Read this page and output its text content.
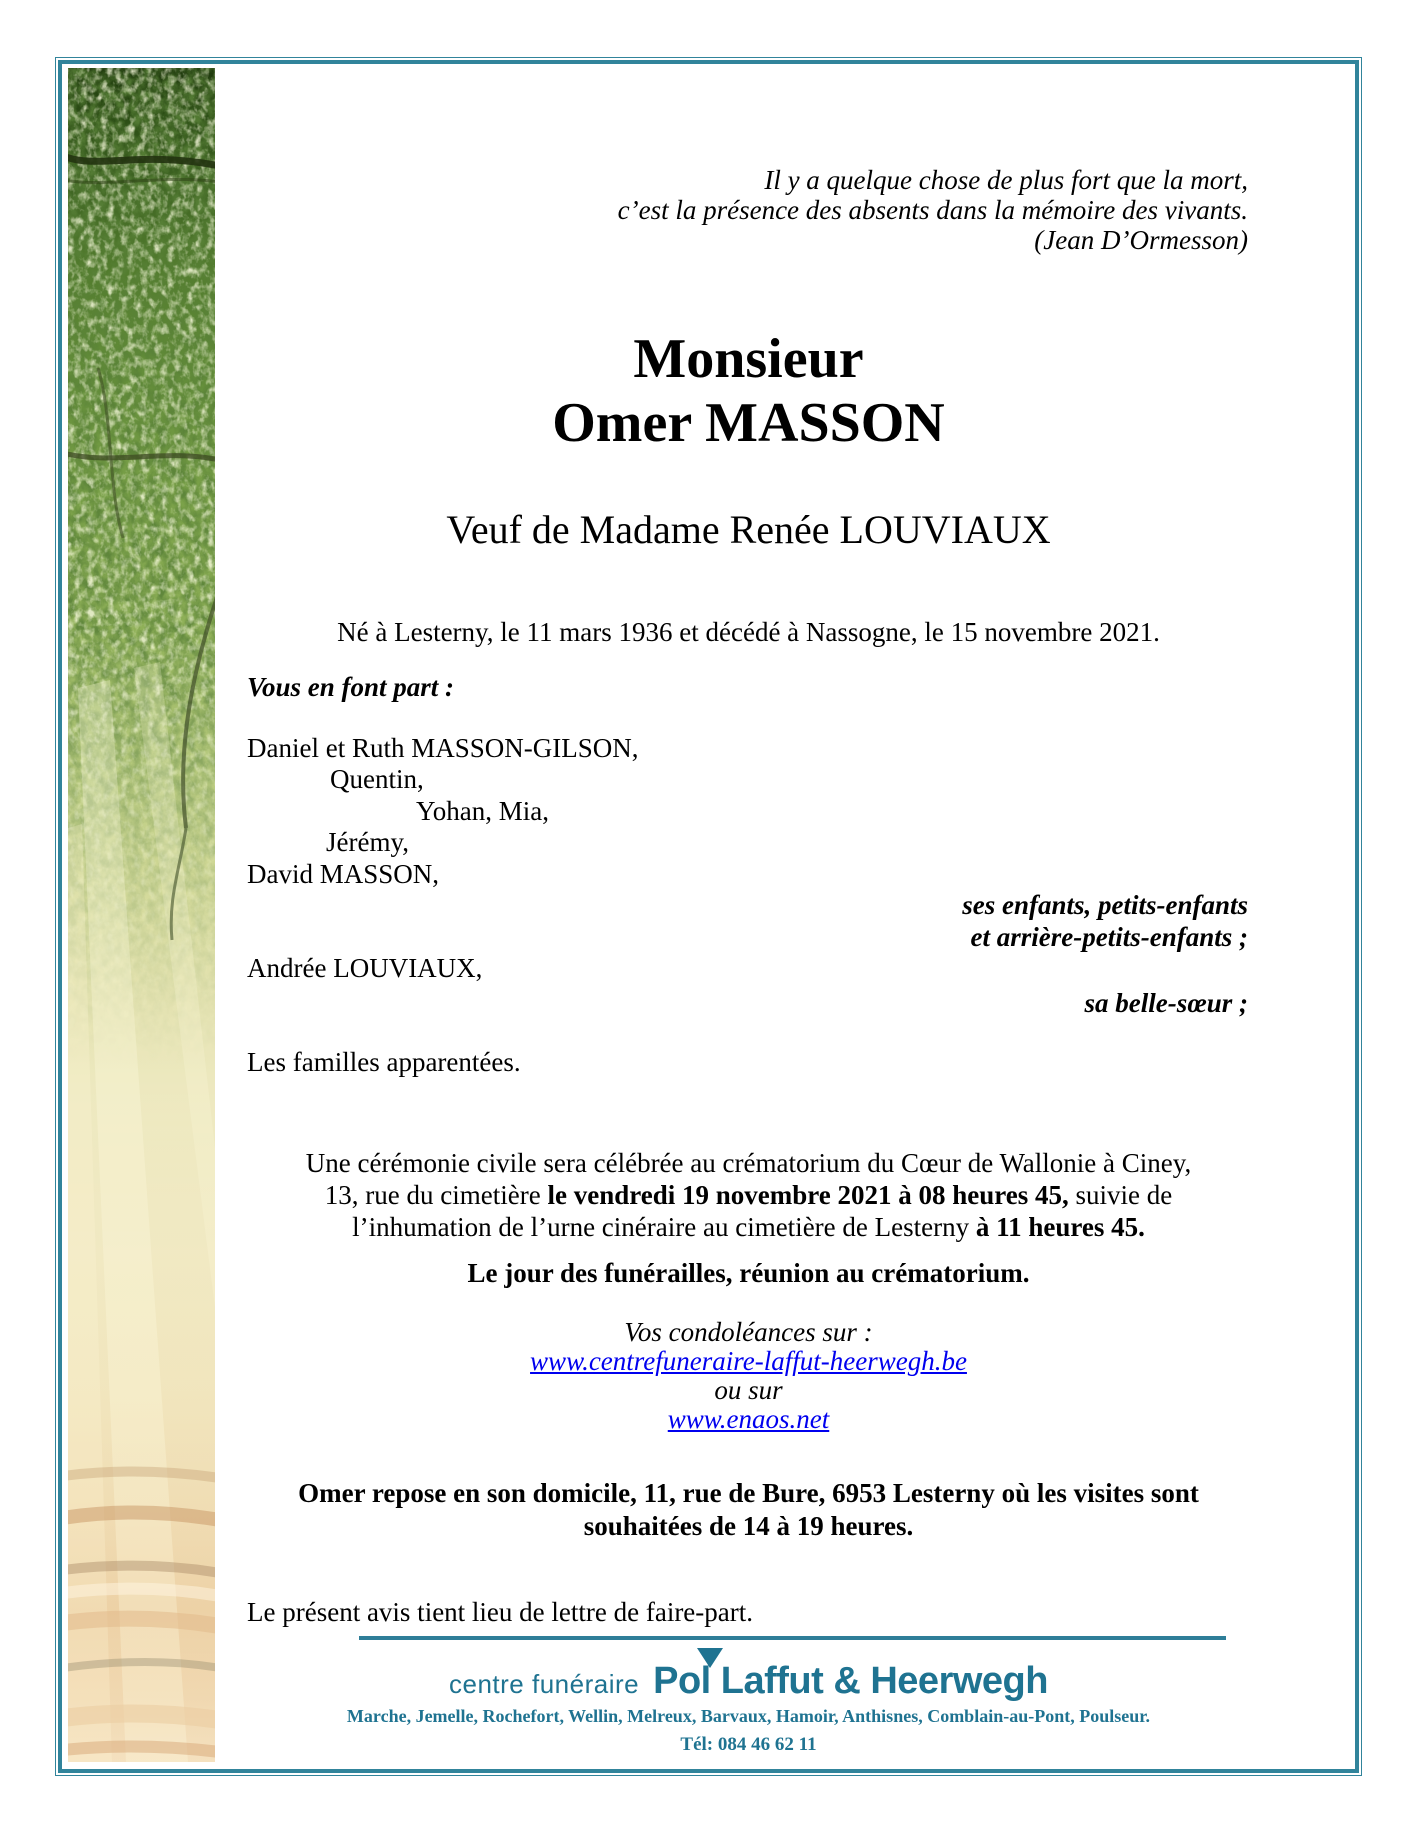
Il y a quelque chose de plus fort que la mort,
c’est la présence des absents dans la mémoire des vivants.
(Jean D’Ormesson)
Monsieur
Omer MASSON
Veuf de Madame Renée LOUVIAUX
Né à Lesterny, le 11 mars 1936 et décédé à Nassogne, le 15 novembre 2021.
Vous en font part :
Daniel et Ruth MASSON-GILSON,
Quentin,
Yohan, Mia,
Jérémy,
David MASSON,
ses enfants, petits-enfants
et arrière-petits-enfants ;
Andrée LOUVIAUX,
sa belle-sœur ;
Les familles apparentées.
Une cérémonie civile sera célébrée au crématorium du Cœur de Wallonie à Ciney,
13, rue du cimetière le vendredi 19 novembre 2021 à 08 heures 45, suivie de
l’inhumation de l’urne cinéraire au cimetière de Lesterny à 11 heures 45.
Le jour des funérailles, réunion au crématorium.
Vos condoléances sur :
www.centrefuneraire-laffut-heerwegh.be
ou sur
www.enaos.net
Omer repose en son domicile, 11, rue de Bure, 6953 Lesterny où les visites sont
souhaitées de 14 à 19 heures.
Le présent avis tient lieu de lettre de faire-part.
centre funéraire Pol Laffut & Heerwegh
Marche, Jemelle, Rochefort, Wellin, Melreux, Barvaux, Hamoir, Anthisnes, Comblain-au-Pont, Poulseur.
Tél: 084 46 62 11
